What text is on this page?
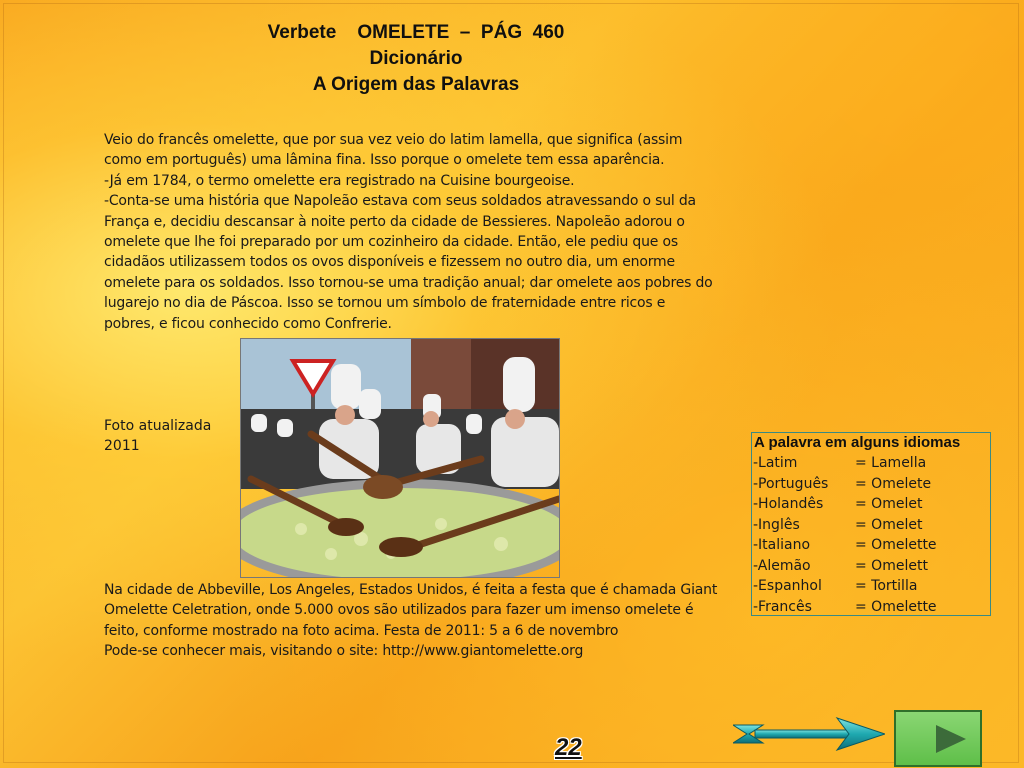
Verbete    OMELETE  –  PÁG  460
Dicionário
A Origem das Palavras

Veio do francês omelette, que por sua vez veio do latim lamella, que significa (assim como em português) uma lâmina fina. Isso porque o omelete tem essa aparência.

-Já em 1784, o termo omelette era registrado na Cuisine bourgeoise.

-Conta-se uma história que Napoleão estava com seus soldados atravessando o sul da França e, decidiu descansar à noite perto da cidade de Bessieres. Napoleão adorou o omelete que lhe foi preparado por um cozinheiro da cidade. Então, ele pediu que os cidadãos utilizassem todos os ovos disponíveis e fizessem no outro dia, um enorme omelete para os soldados. Isso tornou-se uma tradição anual; dar omelete aos pobres do lugarejo no dia de Páscoa. Isso se tornou um símbolo de fraternidade entre ricos e pobres, e ficou conhecido como Confrerie.

Foto atualizada
2011

Na cidade de Abbeville, Los Angeles, Estados Unidos, é feita a festa que é chamada Giant Omelette Celetration, onde 5.000 ovos são utilizados para fazer um imenso omelete é feito, conforme mostrado na foto acima. Festa de 2011: 5 a 6 de novembro

Pode-se conhecer mais, visitando o site: http://www.giantomelette.org

A palavra em alguns idiomas
-Latim	= Lamella
-Português	= Omelete
-Holandês	= Omelet
-Inglês	= Omelet
-Italiano	= Omelette
-Alemão	= Omelett
-Espanhol	= Tortilla
-Francês	= Omelette
22
